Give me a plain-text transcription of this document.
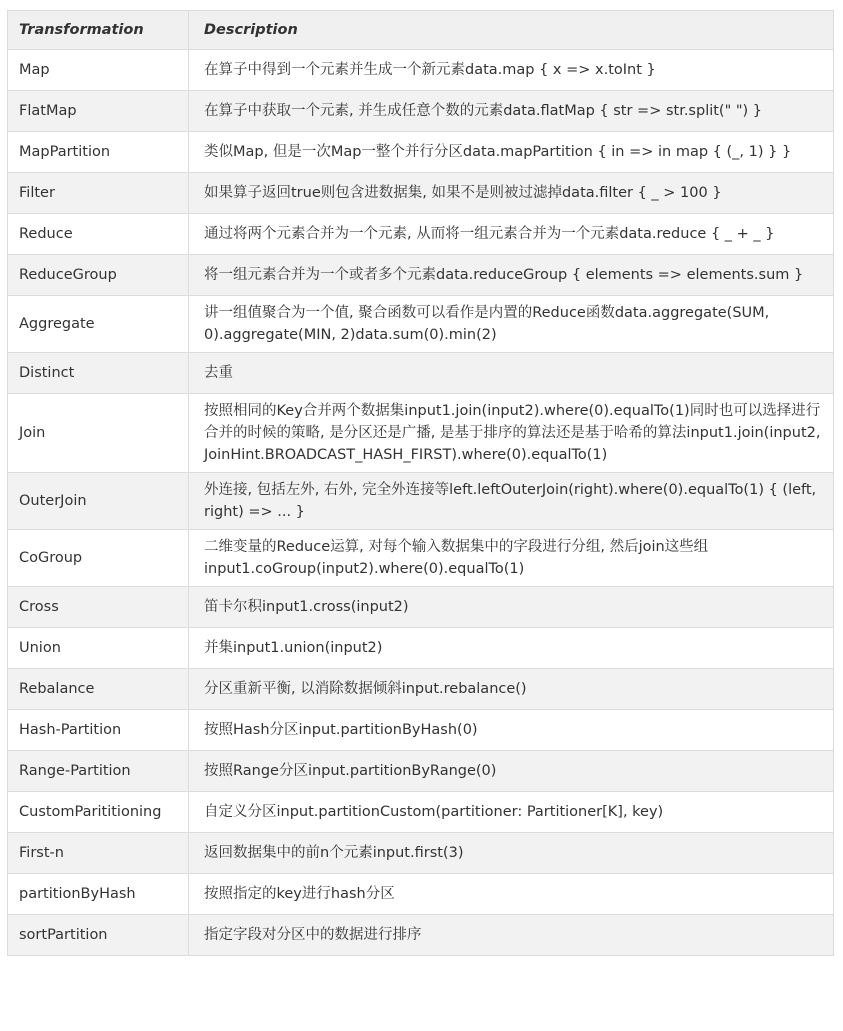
Transformation	Description
Map	在算子中得到一个元素并生成一个新元素data.map { x => x.toInt }
FlatMap	在算子中获取一个元素, 并生成任意个数的元素data.flatMap { str => str.split(" ") }
MapPartition	类似Map, 但是一次Map一整个并行分区data.mapPartition { in => in map { (_, 1) } }
Filter	如果算子返回true则包含进数据集, 如果不是则被过滤掉data.filter { _ > 100 }
Reduce	通过将两个元素合并为一个元素, 从而将一组元素合并为一个元素data.reduce { _ + _ }
ReduceGroup	将一组元素合并为一个或者多个元素data.reduceGroup { elements => elements.sum }
Aggregate	讲一组值聚合为一个值, 聚合函数可以看作是内置的Reduce函数data.aggregate(SUM, 0).aggregate(MIN, 2)data.sum(0).min(2)
Distinct	去重
Join	按照相同的Key合并两个数据集input1.join(input2).where(0).equalTo(1)同时也可以选择进行合并的时候的策略, 是分区还是广播, 是基于排序的算法还是基于哈希的算法input1.join(input2, JoinHint.BROADCAST_HASH_FIRST).where(0).equalTo(1)
OuterJoin	外连接, 包括左外, 右外, 完全外连接等left.leftOuterJoin(right).where(0).equalTo(1) { (left, right) => ... }
CoGroup	二维变量的Reduce运算, 对每个输入数据集中的字段进行分组, 然后join这些组input1.coGroup(input2).where(0).equalTo(1)
Cross	笛卡尔积input1.cross(input2)
Union	并集input1.union(input2)
Rebalance	分区重新平衡, 以消除数据倾斜input.rebalance()
Hash-Partition	按照Hash分区input.partitionByHash(0)
Range-Partition	按照Range分区input.partitionByRange(0)
CustomParititioning	自定义分区input.partitionCustom(partitioner: Partitioner[K], key)
First-n	返回数据集中的前n个元素input.first(3)
partitionByHash	按照指定的key进行hash分区
sortPartition	指定字段对分区中的数据进行排序
